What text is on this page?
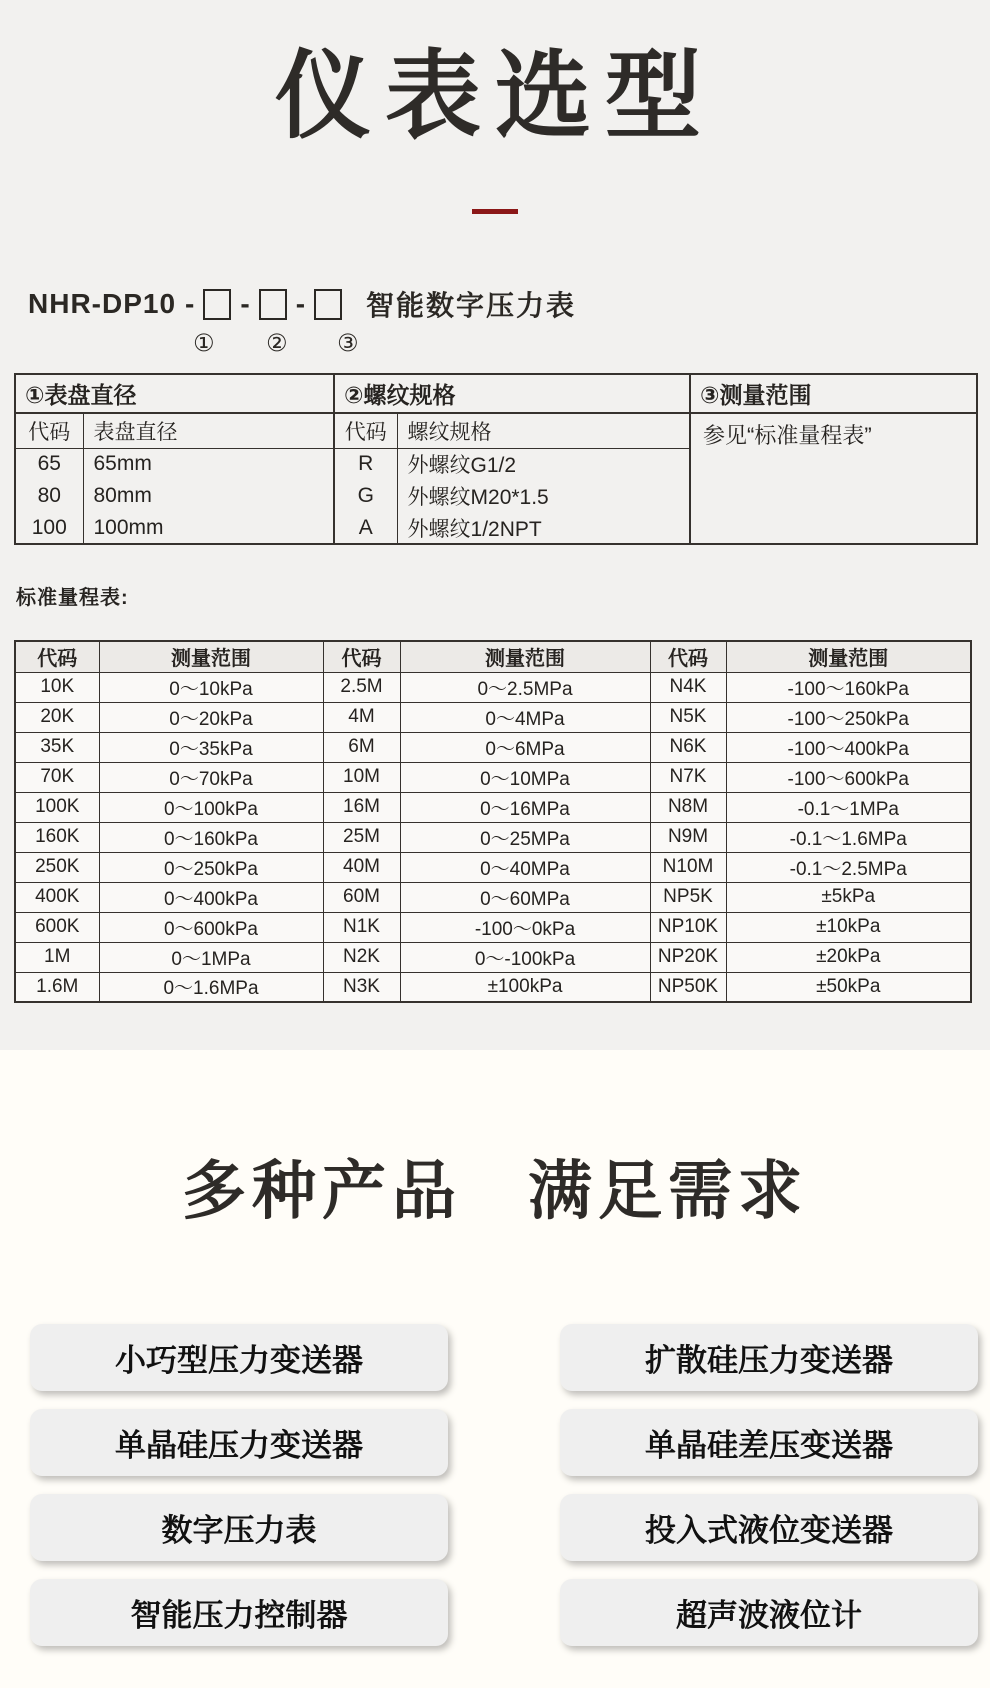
仪表选型
NHR-DP10 - - - 智能数字压力表
① ② ③
①表盘直径		②螺纹规格		③测量范围
代码	表盘直径	代码	螺纹规格	参见“标准量程表”
65	65mm	R	外螺纹G1/2	
80	80mm	G	外螺纹M20*1.5	
100	100mm	A	外螺纹1/2NPT	
标准量程表:
代码	测量范围	代码	测量范围	代码	测量范围
10K	0～10kPa	2.5M	0～2.5MPa	N4K	-100～160kPa
20K	0～20kPa	4M	0～4MPa	N5K	-100～250kPa
35K	0～35kPa	6M	0～6MPa	N6K	-100～400kPa
70K	0～70kPa	10M	0～10MPa	N7K	-100～600kPa
100K	0～100kPa	16M	0～16MPa	N8M	-0.1～1MPa
160K	0～160kPa	25M	0～25MPa	N9M	-0.1～1.6MPa
250K	0～250kPa	40M	0～40MPa	N10M	-0.1～2.5MPa
400K	0～400kPa	60M	0～60MPa	NP5K	±5kPa
600K	0～600kPa	N1K	-100～0kPa	NP10K	±10kPa
1M	0～1MPa	N2K	0～-100kPa	NP20K	±20kPa
1.6M	0～1.6MPa	N3K	±100kPa	NP50K	±50kPa
多种产品 满足需求
小巧型压力变送器	扩散硅压力变送器
单晶硅压力变送器	单晶硅差压变送器
数字压力表	投入式液位变送器
智能压力控制器	超声波液位计
